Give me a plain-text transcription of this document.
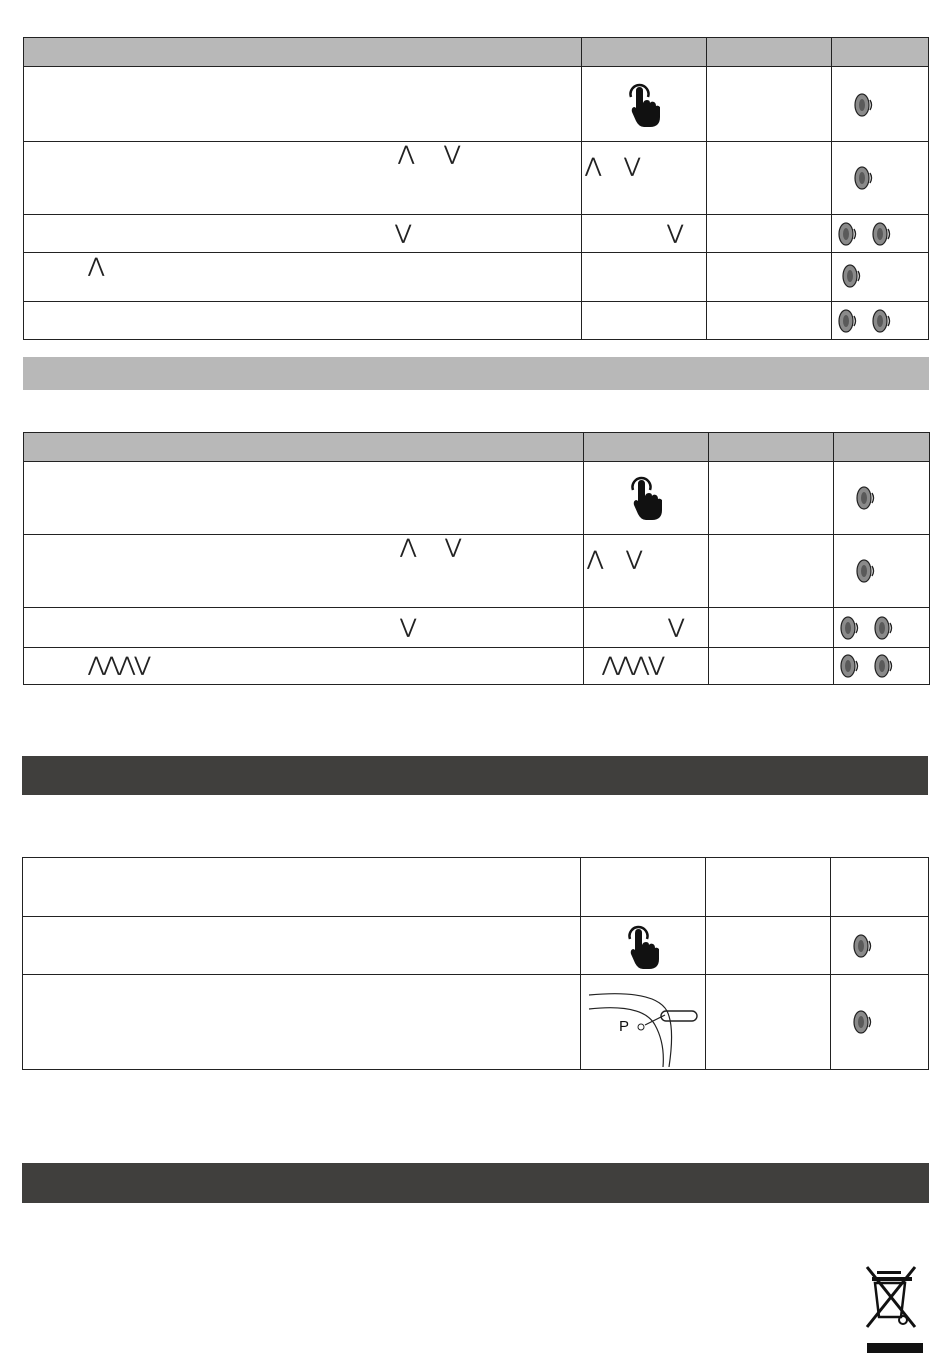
⋀ ⋁	⋀ ⋁

⋁	⋁

⋀

⋀ ⋁	⋀ ⋁

⋁	⋁

⋀⋀⋀⋁	⋀⋀⋀⋁

	P
